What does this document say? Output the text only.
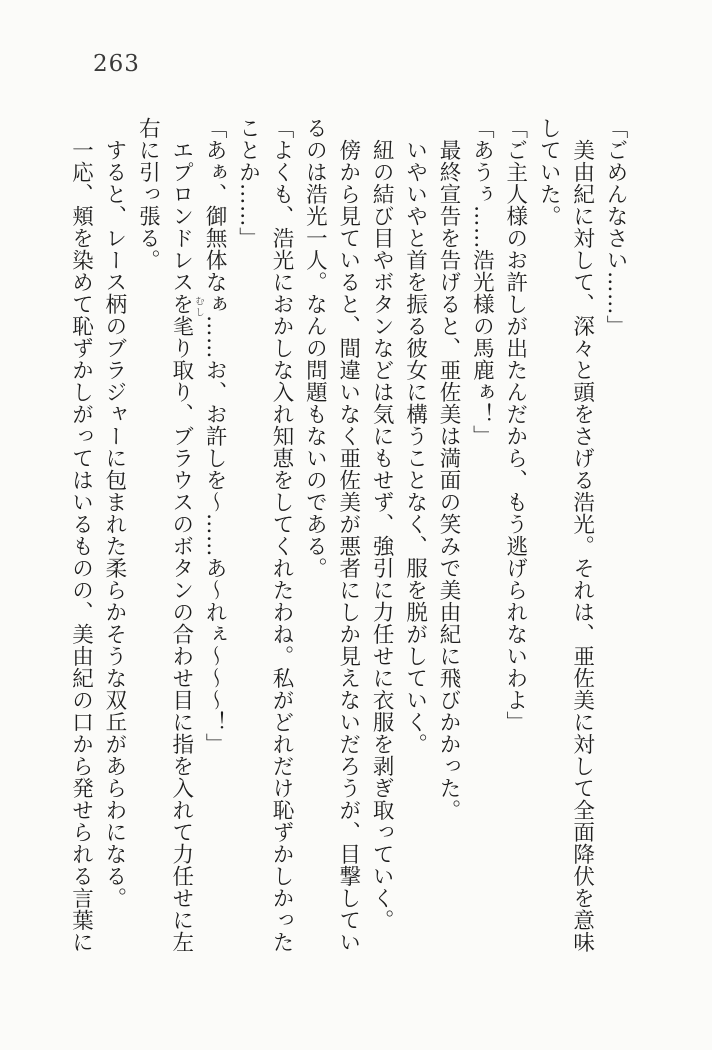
263

「ごめんなさい……」

美由紀に対して、深々と頭をさげる浩光。それは、亜佐美に対して全面降伏を意味

していた。

「ご主人様のお許しが出たんだから、もう逃げられないわよ」

「あうぅ……浩光様の馬鹿ぁ！」

最終宣告を告げると、亜佐美は満面の笑みで美由紀に飛びかかった。

いやいやと首を振る彼女に構うことなく、服を脱がしていく。

紐の結び目やボタンなどは気にもせず、強引に力任せに衣服を剥ぎ取っていく。

傍から見ていると、間違いなく亜佐美が悪者にしか見えないだろうが、目撃してい

るのは浩光一人。なんの問題もないのである。

「よくも、浩光におかしな入れ知恵をしてくれたわね。私がどれだけ恥ずかしかった

ことか……」

「あぁ、御無体なぁ……お、お許しを～……あ～れぇ～～～！」

エプロンドレスを毟り取り、ブラウスのボタンの合わせ目に指を入れて力任せに左

右に引っ張る。

すると、レース柄のブラジャーに包まれた柔らかそうな双丘があらわになる。

一応、頬を染めて恥ずかしがってはいるものの、美由紀の口から発せられる言葉に	むし
